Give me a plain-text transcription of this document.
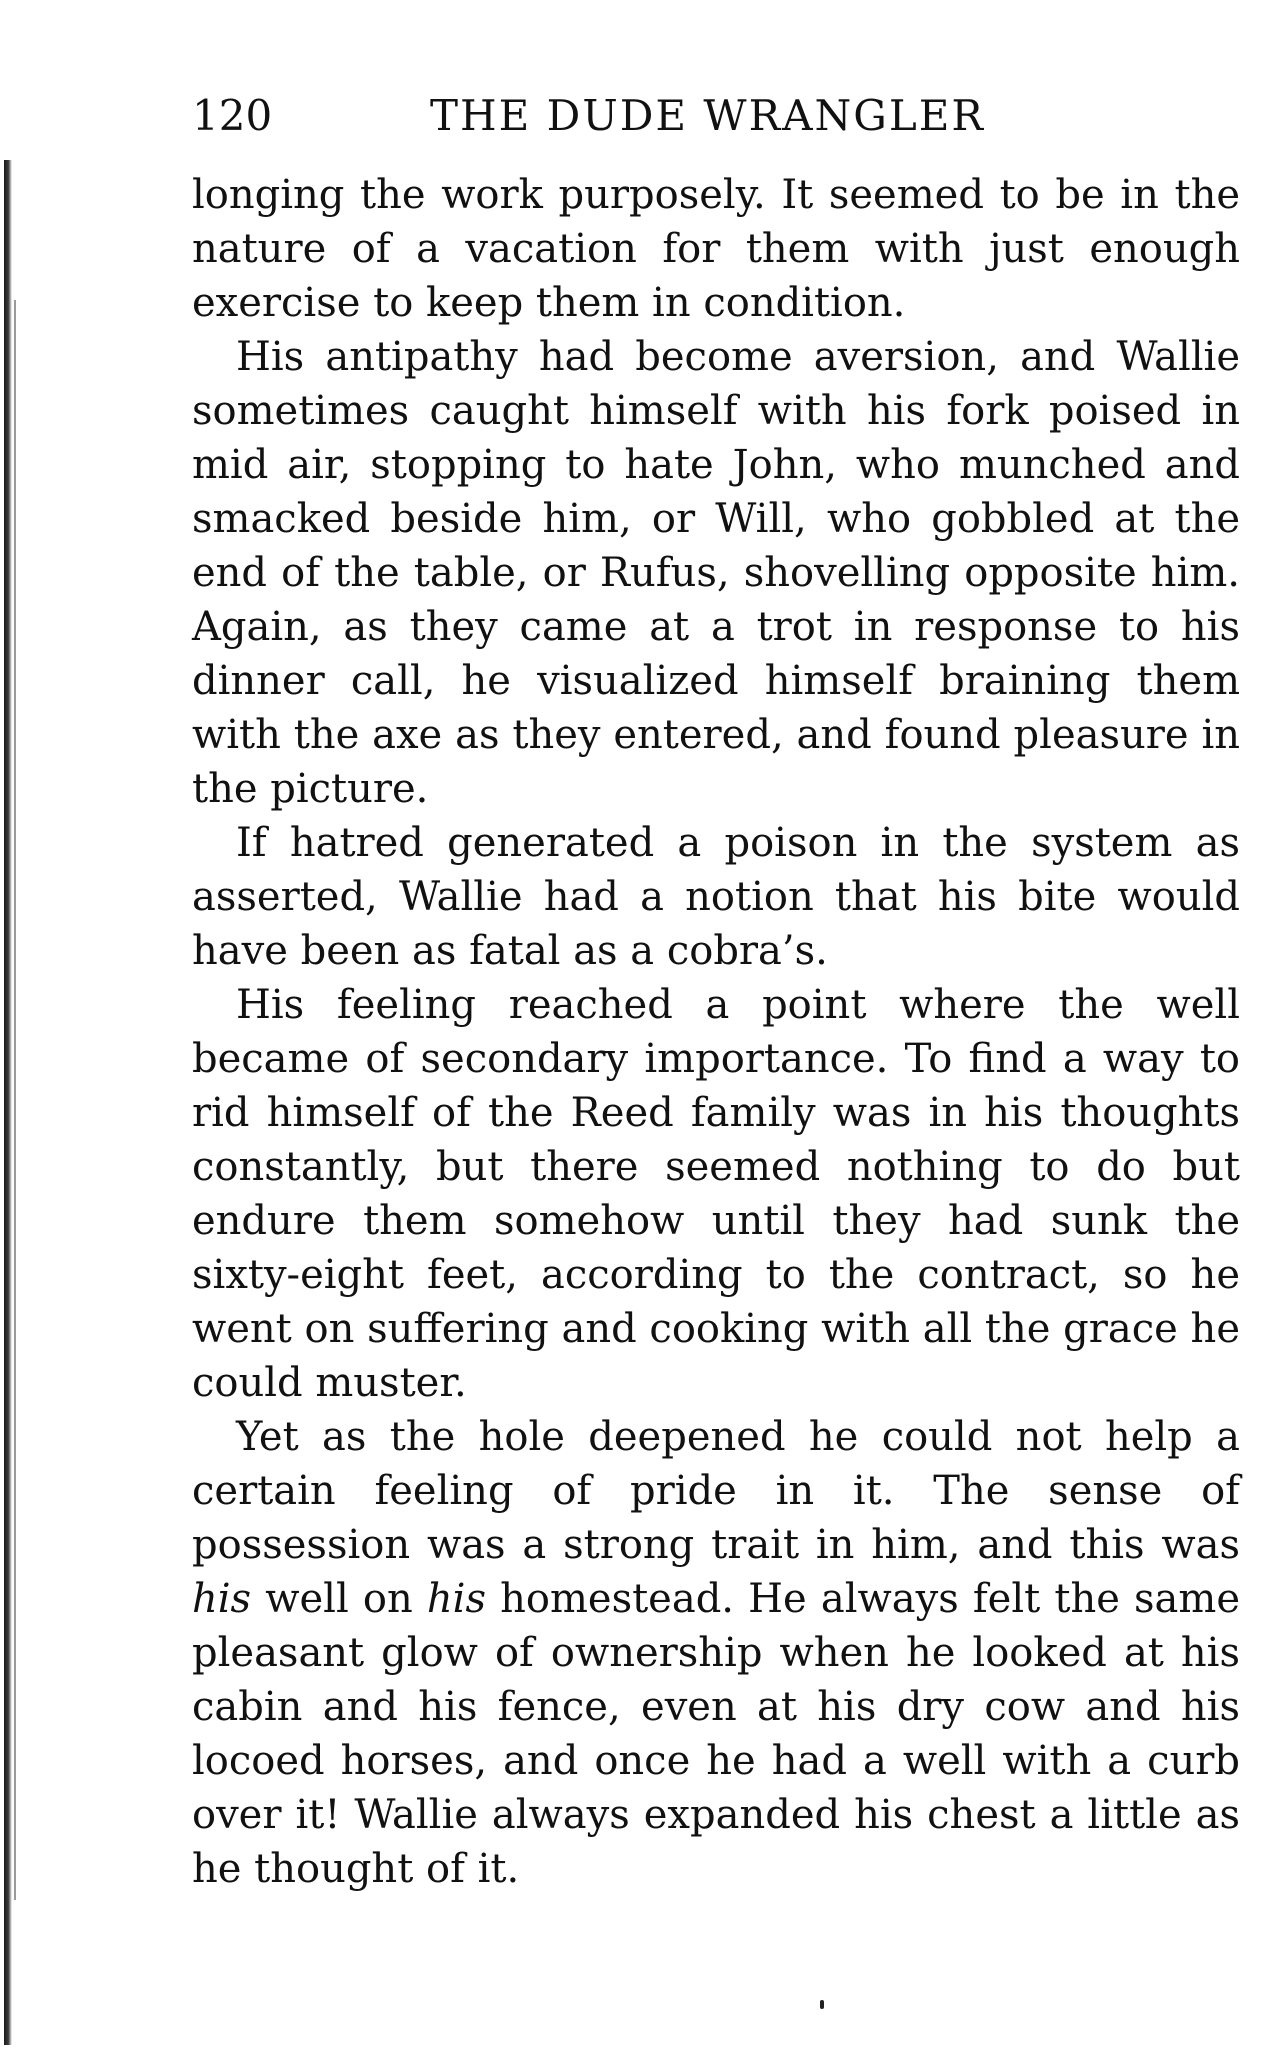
120	THE DUDE WRANGLER

longing the work purposely. It seemed to be in the nature of a vacation for them with just enough exercise to keep them in condition.

His antipathy had become aversion, and Wallie sometimes caught himself with his fork poised in mid air, stopping to hate John, who munched and smacked beside him, or Will, who gobbled at the end of the table, or Rufus, shovelling opposite him. Again, as they came at a trot in response to his dinner call, he visualized himself braining them with the axe as they entered, and found pleasure in the picture.

If hatred generated a poison in the system as asserted, Wallie had a notion that his bite would have been as fatal as a cobra’s.

His feeling reached a point where the well became of secondary importance. To find a way to rid himself of the Reed family was in his thoughts constantly, but there seemed nothing to do but endure them somehow until they had sunk the sixty-eight feet, according to the contract, so he went on suffering and cooking with all the grace he could muster.

Yet as the hole deepened he could not help a certain feeling of pride in it. The sense of possession was a strong trait in him, and this was his well on his homestead. He always felt the same pleasant glow of ownership when he looked at his cabin and his fence, even at his dry cow and his locoed horses, and once he had a well with a curb over it! Wallie always expanded his chest a little as he thought of it.
